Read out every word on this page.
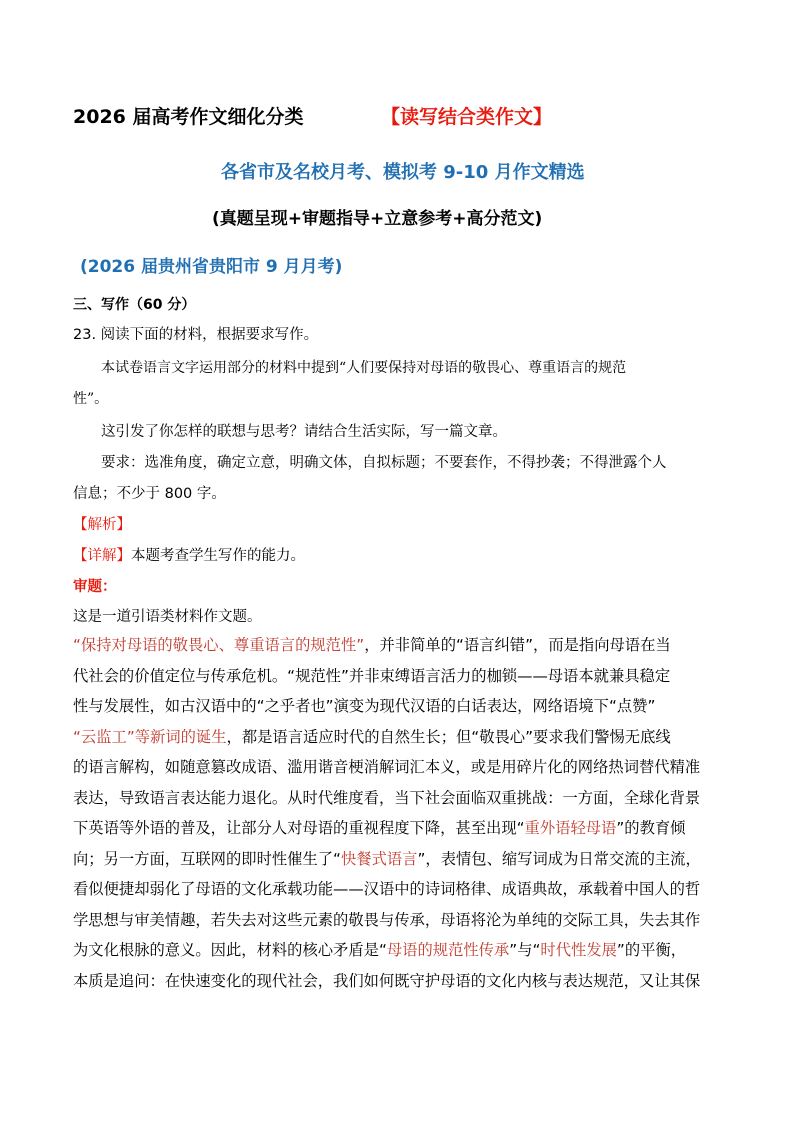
2026 届高考作文细化分类	【读写结合类作文】
各省市及名校月考、模拟考 9-10 月作文精选
(真题呈现+审题指导+立意参考+高分范文)
(2026 届贵州省贵阳市 9 月月考)
三、写作（60 分）
23. 阅读下面的材料，根据要求写作。
本试卷语言文字运用部分的材料中提到“人们要保持对母语的敬畏心、尊重语言的规范
性”。
这引发了你怎样的联想与思考？请结合生活实际，写一篇文章。
要求：选准角度，确定立意，明确文体，自拟标题；不要套作，不得抄袭；不得泄露个人
信息；不少于 800 字。
【解析】
【详解】本题考查学生写作的能力。
审题：
这是一道引语类材料作文题。
“保持对母语的敬畏心、尊重语言的规范性”，并非简单的“语言纠错”，而是指向母语在当
代社会的价值定位与传承危机。“规范性”并非束缚语言活力的枷锁——母语本就兼具稳定
性与发展性，如古汉语中的“之乎者也”演变为现代汉语的白话表达，网络语境下“点赞”
“云监工”等新词的诞生，都是语言适应时代的自然生长；但“敬畏心”要求我们警惕无底线
的语言解构，如随意篡改成语、滥用谐音梗消解词汇本义，或是用碎片化的网络热词替代精准
表达，导致语言表达能力退化。从时代维度看，当下社会面临双重挑战：一方面，全球化背景
下英语等外语的普及，让部分人对母语的重视程度下降，甚至出现“重外语轻母语”的教育倾
向；另一方面，互联网的即时性催生了“快餐式语言”，表情包、缩写词成为日常交流的主流，
看似便捷却弱化了母语的文化承载功能——汉语中的诗词格律、成语典故，承载着中国人的哲
学思想与审美情趣，若失去对这些元素的敬畏与传承，母语将沦为单纯的交际工具，失去其作
为文化根脉的意义。因此，材料的核心矛盾是“母语的规范性传承”与“时代性发展”的平衡，
本质是追问：在快速变化的现代社会，我们如何既守护母语的文化内核与表达规范，又让其保
